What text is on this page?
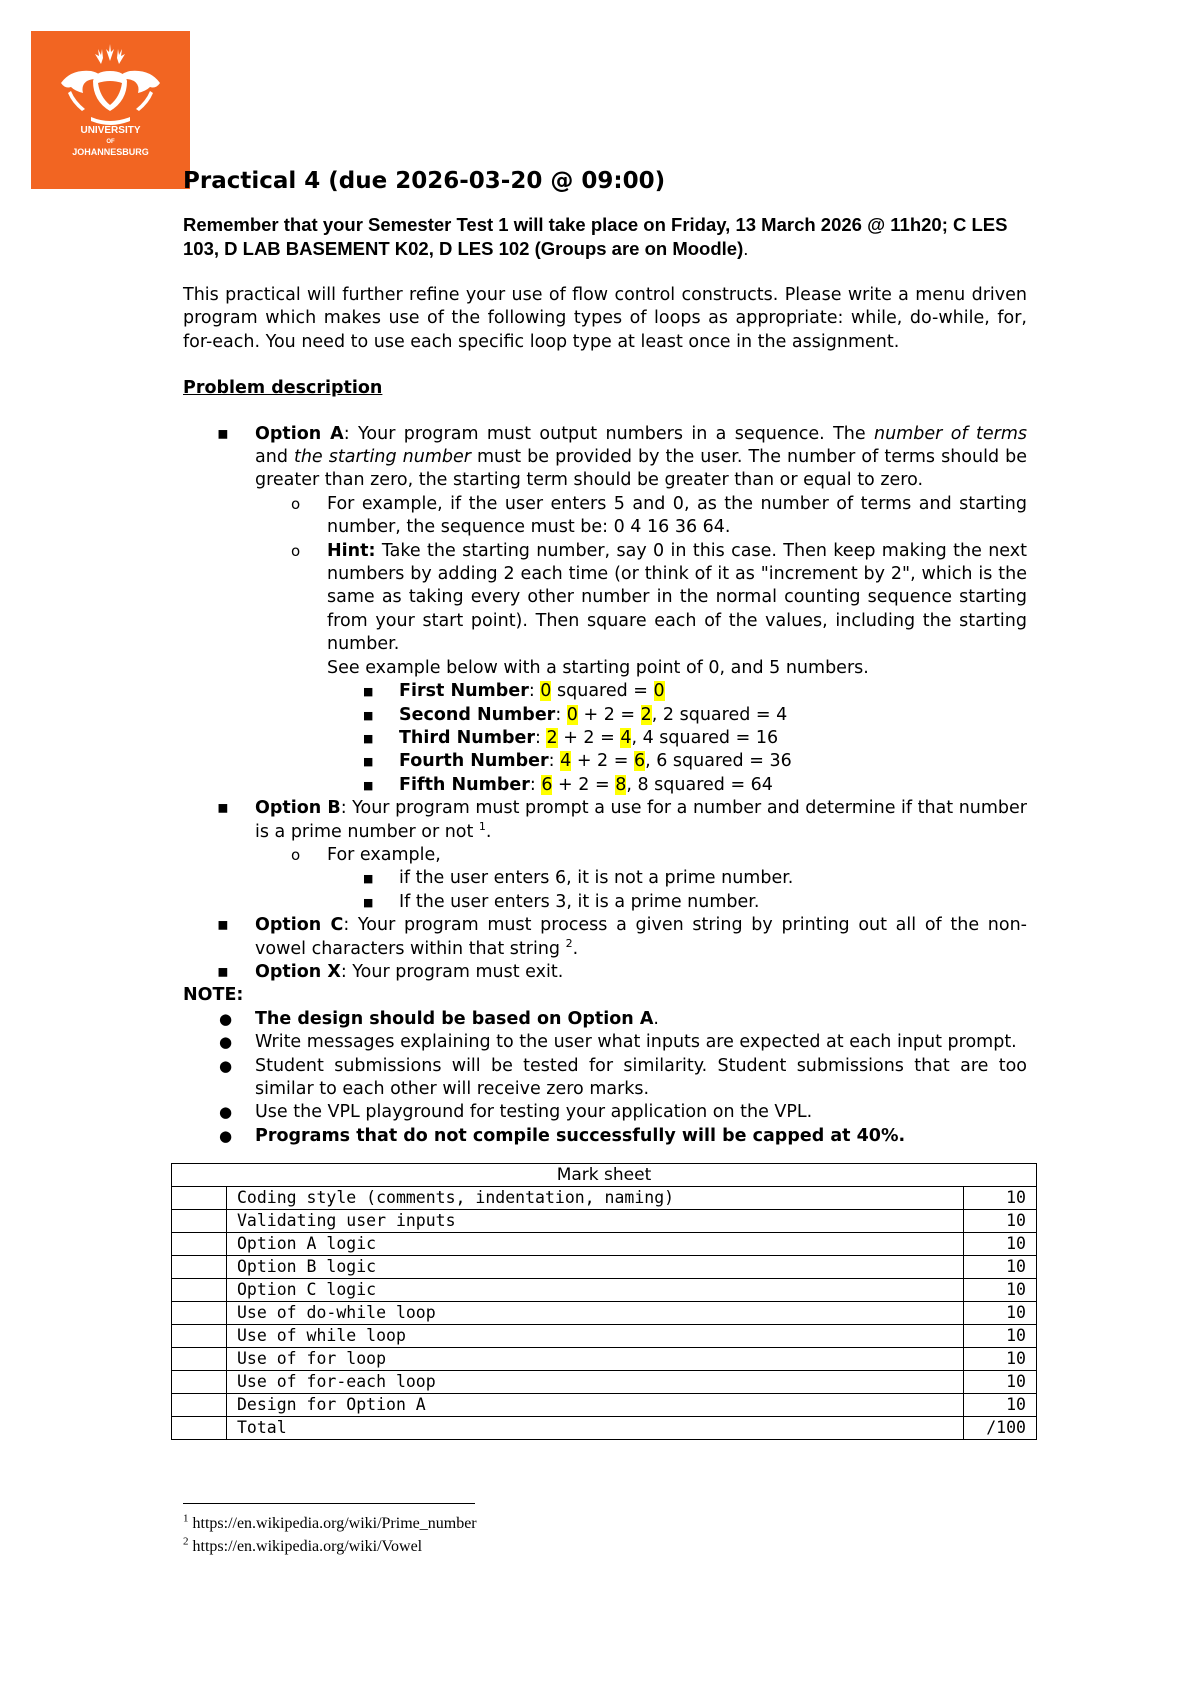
UNIVERSITY
OF
JOHANNESBURG
Practical 4 (due 2026-03-20 @ 09:00)

Remember that your Semester Test 1 will take place on Friday, 13 March 2026 @ 11h20; C LES 103, D LAB BASEMENT K02, D LES 102 (Groups are on Moodle).

This practical will further refine your use of flow control constructs. Please write a menu driven program which makes use of the following types of loops as appropriate: while, do-while, for, for-each. You need to use each specific loop type at least once in the assignment.

Problem description

▪ Option A: Your program must output numbers in a sequence. The number of terms and the starting number must be provided by the user. The number of terms should be greater than zero, the starting term should be greater than or equal to zero.
o For example, if the user enters 5 and 0, as the number of terms and starting number, the sequence must be: 0 4 16 36 64.
o Hint: Take the starting number, say 0 in this case. Then keep making the next numbers by adding 2 each time (or think of it as "increment by 2", which is the same as taking every other number in the normal counting sequence starting from your start point). Then square each of the values, including the starting number.
See example below with a starting point of 0, and 5 numbers.
■ First Number: 0 squared = 0
■ Second Number: 0 + 2 = 2, 2 squared = 4
■ Third Number: 2 + 2 = 4, 4 squared = 16
■ Fourth Number: 4 + 2 = 6, 6 squared = 36
■ Fifth Number: 6 + 2 = 8, 8 squared = 64
▪ Option B: Your program must prompt a use for a number and determine if that number is a prime number or not $^1$.
o For example,
■ if the user enters 6, it is not a prime number.
■ If the user enters 3, it is a prime number.
▪ Option C: Your program must process a given string by printing out all of the non-vowel characters within that string $^2$.
▪ Option X: Your program must exit.

NOTE:

● The design should be based on Option A.
● Write messages explaining to the user what inputs are expected at each input prompt.
● Student submissions will be tested for similarity. Student submissions that are too similar to each other will receive zero marks.
● Use the VPL playground for testing your application on the VPL.
● Programs that do not compile successfully will be capped at 40%.
Mark sheet		
	Coding style (comments, indentation, naming)	10
	Validating user inputs	10
	Option A logic	10
	Option B logic	10
	Option C logic	10
	Use of do-while loop	10
	Use of while loop	10
	Use of for loop	10
	Use of for-each loop	10
	Design for Option A	10
	Total	/100
$^1$ https://en.wikipedia.org/wiki/Prime_number
$^2$ https://en.wikipedia.org/wiki/Vowel
